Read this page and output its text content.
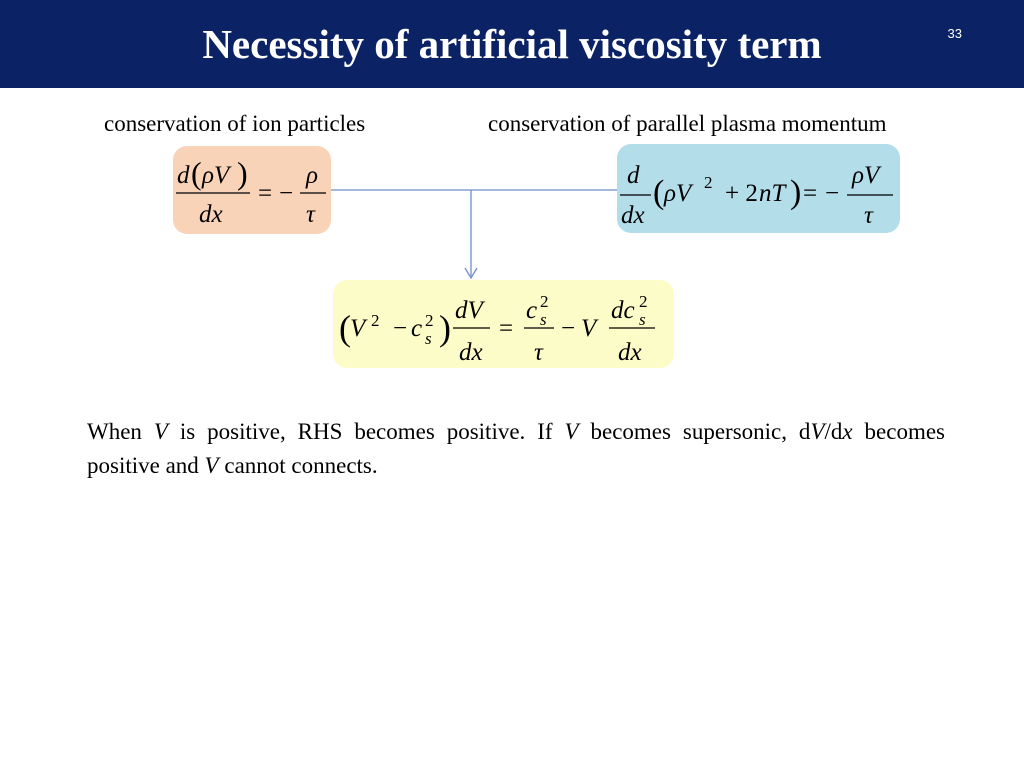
Necessity of artificial viscosity term	33
conservation of ion particles	conservation of parallel plasma momentum
d ( ρV )
dx
= −
ρ
τ
d
dx
( ρV 2 + 2 nT ) = −
ρV
τ
( V 2 − c 2
s ) dV
dx
=
c 2
s
τ
− V
dc 2
s
dx
When V is positive, RHS becomes positive. If V becomes supersonic, dV/dx becomes positive and V cannot connects.
